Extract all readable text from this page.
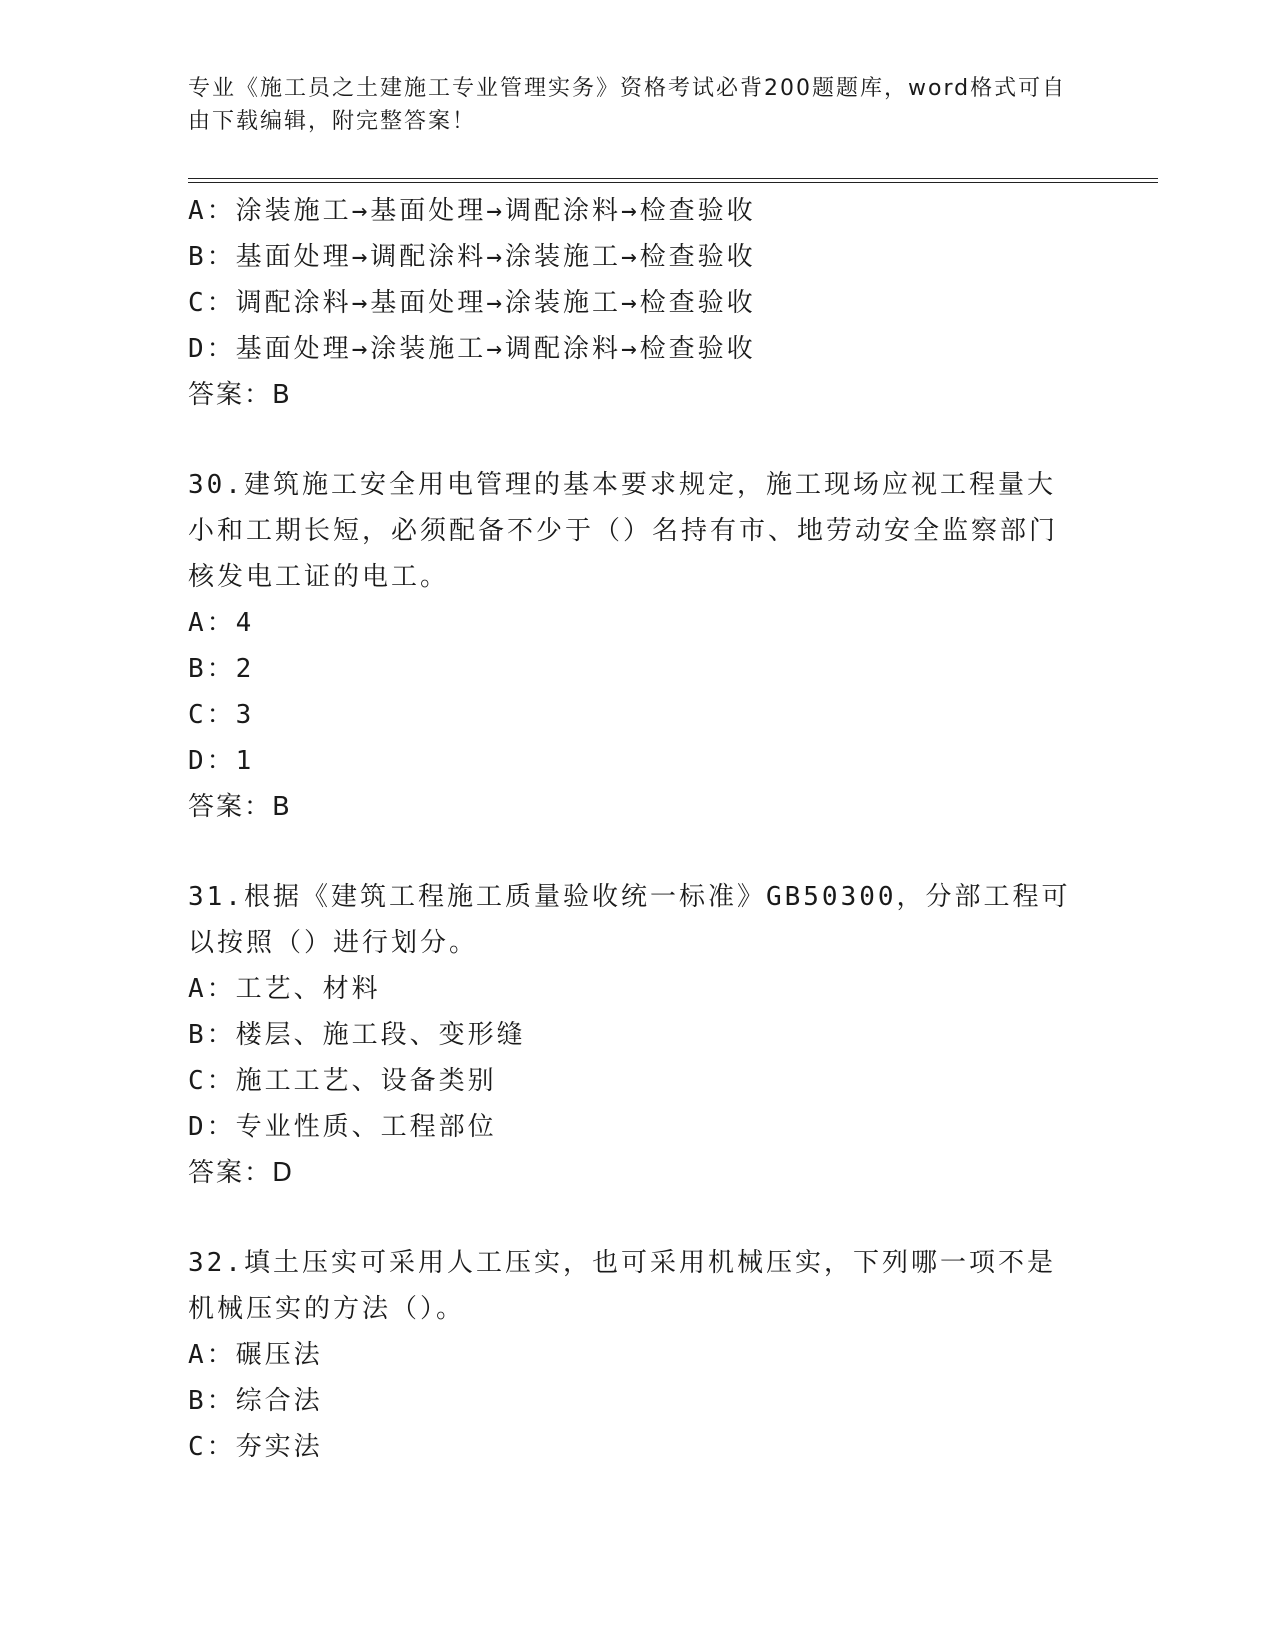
专业《施工员之土建施工专业管理实务》资格考试必背200题题库，word格式可自由下载编辑，附完整答案！
A：涂装施工→基面处理→调配涂料→检查验收
B：基面处理→调配涂料→涂装施工→检查验收
C：调配涂料→基面处理→涂装施工→检查验收
D：基面处理→涂装施工→调配涂料→检查验收
答案：B
30.建筑施工安全用电管理的基本要求规定，施工现场应视工程量大小和工期长短，必须配备不少于（）名持有市、地劳动安全监察部门核发电工证的电工。
A：4
B：2
C：3
D：1
答案：B
31.根据《建筑工程施工质量验收统一标准》GB50300，分部工程可以按照（）进行划分。
A：工艺、材料
B：楼层、施工段、变形缝
C：施工工艺、设备类别
D：专业性质、工程部位
答案：D
32.填土压实可采用人工压实，也可采用机械压实，下列哪一项不是机械压实的方法（）。
A：碾压法
B：综合法
C：夯实法
